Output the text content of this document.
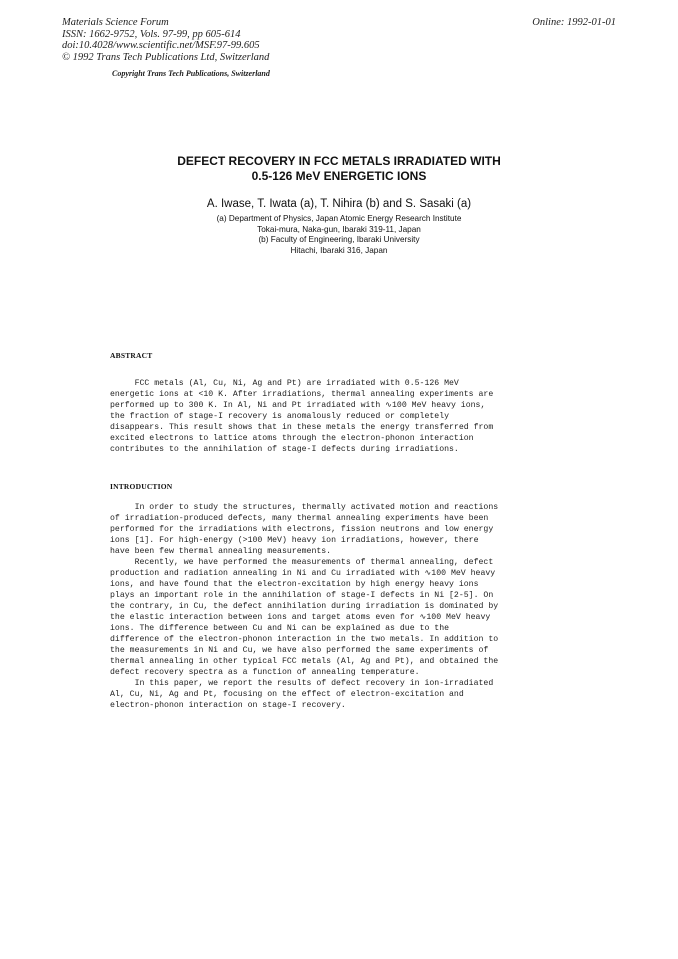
Materials Science Forum
ISSN: 1662-9752, Vols. 97-99, pp 605-614
doi:10.4028/www.scientific.net/MSF.97-99.605
© 1992 Trans Tech Publications Ltd, Switzerland
Online: 1992-01-01
Copyright Trans Tech Publications, Switzerland
DEFECT RECOVERY IN FCC METALS IRRADIATED WITH
0.5-126 MeV ENERGETIC IONS
A. Iwase, T. Iwata (a), T. Nihira (b) and S. Sasaki (a)
(a) Department of Physics, Japan Atomic Energy Research Institute
Tokai-mura, Naka-gun, Ibaraki 319-11, Japan
(b) Faculty of Engineering, Ibaraki University
Hitachi, Ibaraki 316, Japan
ABSTRACT
FCC metals (Al, Cu, Ni, Ag and Pt) are irradiated with 0.5-126 MeV
energetic ions at <10 K. After irradiations, thermal annealing experiments are
performed up to 300 K. In Al, Ni and Pt irradiated with ∿100 MeV heavy ions,
the fraction of stage-I recovery is anomalously reduced or completely
disappears. This result shows that in these metals the energy transferred from
excited electrons to lattice atoms through the electron-phonon interaction
contributes to the annihilation of stage-I defects during irradiations.
INTRODUCTION
In order to study the structures, thermally activated motion and reactions
of irradiation-produced defects, many thermal annealing experiments have been
performed for the irradiations with electrons, fission neutrons and low energy
ions [1]. For high-energy (>100 MeV) heavy ion irradiations, however, there
have been few thermal annealing measurements.
Recently, we have performed the measurements of thermal annealing, defect
production and radiation annealing in Ni and Cu irradiated with ∿100 MeV heavy
ions, and have found that the electron-excitation by high energy heavy ions
plays an important role in the annihilation of stage-I defects in Ni [2-5]. On
the contrary, in Cu, the defect annihilation during irradiation is dominated by
the elastic interaction between ions and target atoms even for ∿100 MeV heavy
ions. The difference between Cu and Ni can be explained as due to the
difference of the electron-phonon interaction in the two metals. In addition to
the measurements in Ni and Cu, we have also performed the same experiments of
thermal annealing in other typical FCC metals (Al, Ag and Pt), and obtained the
defect recovery spectra as a function of annealing temperature.
In this paper, we report the results of defect recovery in ion-irradiated
Al, Cu, Ni, Ag and Pt, focusing on the effect of electron-excitation and
electron-phonon interaction on stage-I recovery.
